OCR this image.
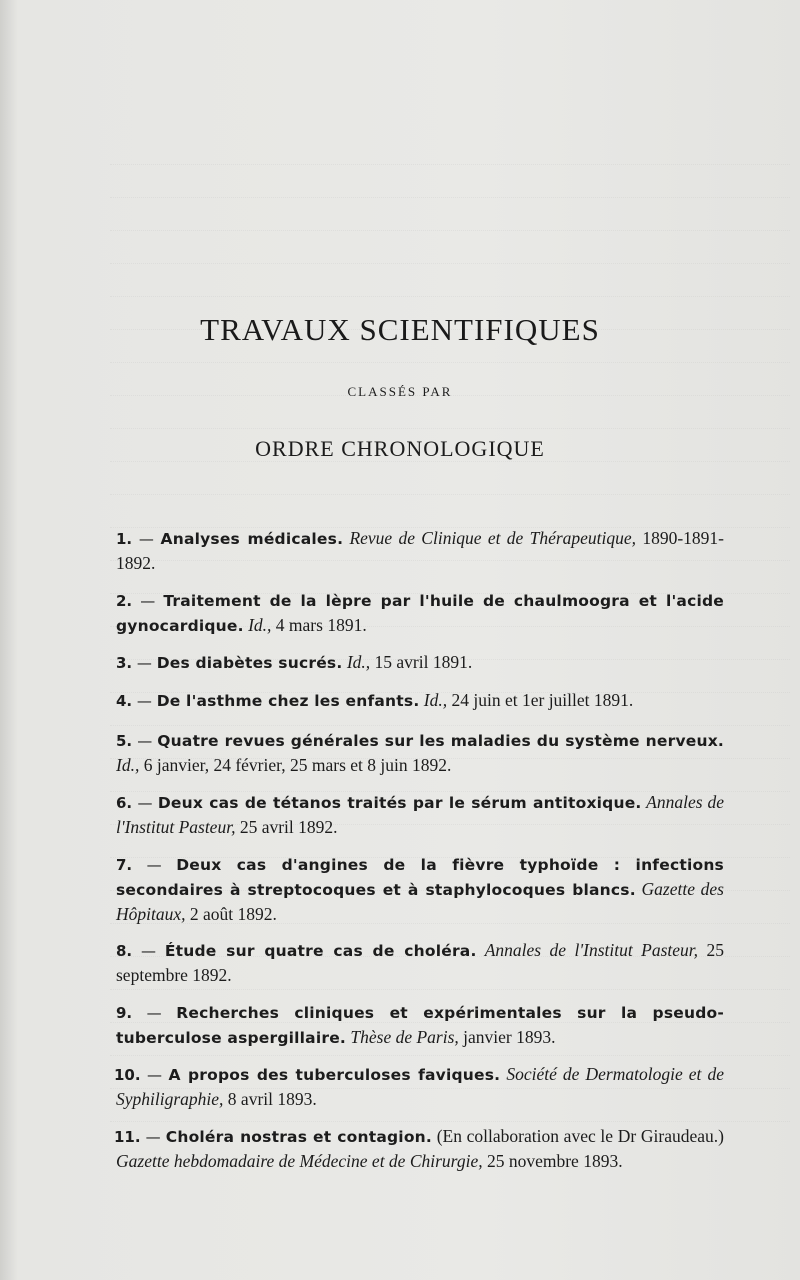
TRAVAUX SCIENTIFIQUES
CLASSÉS PAR
ORDRE CHRONOLOGIQUE
1. — Analyses médicales. Revue de Clinique et de Thérapeutique, 1890-1891-1892.
2. — Traitement de la lèpre par l'huile de chaulmoogra et l'acide gynocardique. Id., 4 mars 1891.
3. — Des diabètes sucrés. Id., 15 avril 1891.
4. — De l'asthme chez les enfants. Id., 24 juin et 1er juillet 1891.
5. — Quatre revues générales sur les maladies du système nerveux. Id., 6 janvier, 24 février, 25 mars et 8 juin 1892.
6. — Deux cas de tétanos traités par le sérum antitoxique. Annales de l'Institut Pasteur, 25 avril 1892.
7. — Deux cas d'angines de la fièvre typhoïde : infections secondaires à streptocoques et à staphylocoques blancs. Gazette des Hôpitaux, 2 août 1892.
8. — Étude sur quatre cas de choléra. Annales de l'Institut Pasteur, 25 septembre 1892.
9. — Recherches cliniques et expérimentales sur la pseudo-tuberculose aspergillaire. Thèse de Paris, janvier 1893.
10. — A propos des tuberculoses faviques. Société de Dermatologie et de Syphiligraphie, 8 avril 1893.
11. — Choléra nostras et contagion. (En collaboration avec le Dr Giraudeau.) Gazette hebdomadaire de Médecine et de Chirurgie, 25 novembre 1893.
